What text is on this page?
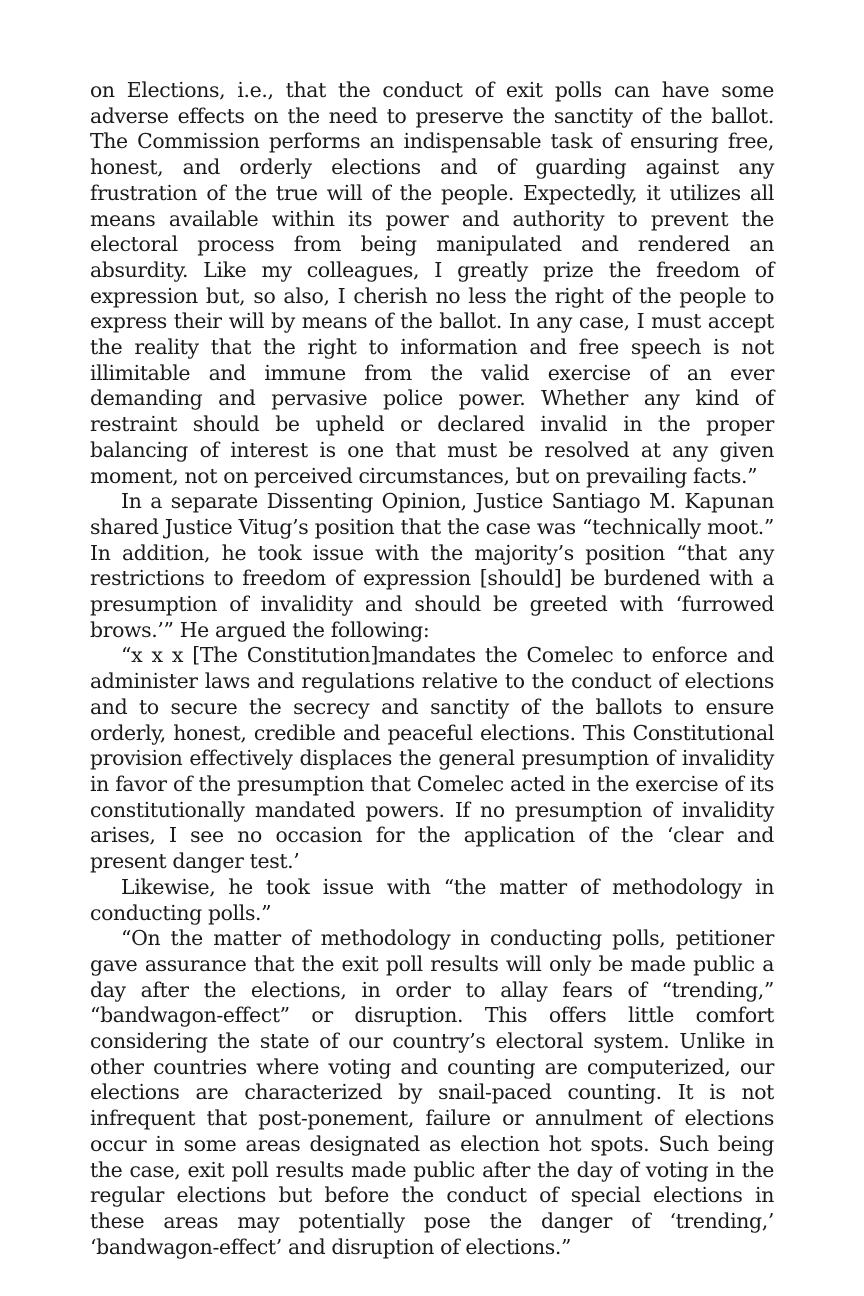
on Elections, i.e., that the conduct of exit polls can have some adverse effects on the need to preserve the sanctity of the ballot. The Commission performs an indispensable task of ensuring free, honest, and orderly elections and of guarding against any frustration of the true will of the people. Expectedly, it utilizes all means available within its power and authority to prevent the electoral process from being manipulated and rendered an absurdity. Like my colleagues, I greatly prize the freedom of expression but, so also, I cherish no less the right of the people to express their will by means of the ballot. In any case, I must accept the reality that the right to information and free speech is not illimitable and immune from the valid exercise of an ever demanding and pervasive police power. Whether any kind of restraint should be upheld or declared invalid in the proper balancing of interest is one that must be resolved at any given moment, not on perceived circumstances, but on prevailing facts.”

In a separate Dissenting Opinion, Justice Santiago M. Kapunan shared Justice Vitug’s position that the case was “technically moot.” In addition, he took issue with the majority’s position “that any restrictions to freedom of expression [should] be burdened with a presumption of invalidity and should be greeted with ‘furrowed brows.’” He argued the following:

“x x x [The Constitution]mandates the Comelec to enforce and administer laws and regulations relative to the conduct of elections and to secure the secrecy and sanctity of the ballots to ensure orderly, honest, credible and peaceful elections. This Constitutional provision effectively displaces the general presumption of invalidity in favor of the presumption that Comelec acted in the exercise of its constitutionally mandated powers. If no presumption of invalidity arises, I see no occasion for the application of the ‘clear and present danger test.’

Likewise, he took issue with “the matter of methodology in conducting polls.”

“On the matter of methodology in conducting polls, petitioner gave assurance that the exit poll results will only be made public a day after the elections, in order to allay fears of “trending,” “bandwagon-effect” or disruption. This offers little comfort considering the state of our country’s electoral system. Unlike in other countries where voting and counting are computerized, our elections are characterized by snail-paced counting. It is not infrequent that post-ponement, failure or annulment of elections occur in some areas designated as election hot spots. Such being the case, exit poll results made public after the day of voting in the regular elections but before the conduct of special elections in these areas may potentially pose the danger of ‘trending,’ ‘bandwagon-effect’ and disruption of elections.”
